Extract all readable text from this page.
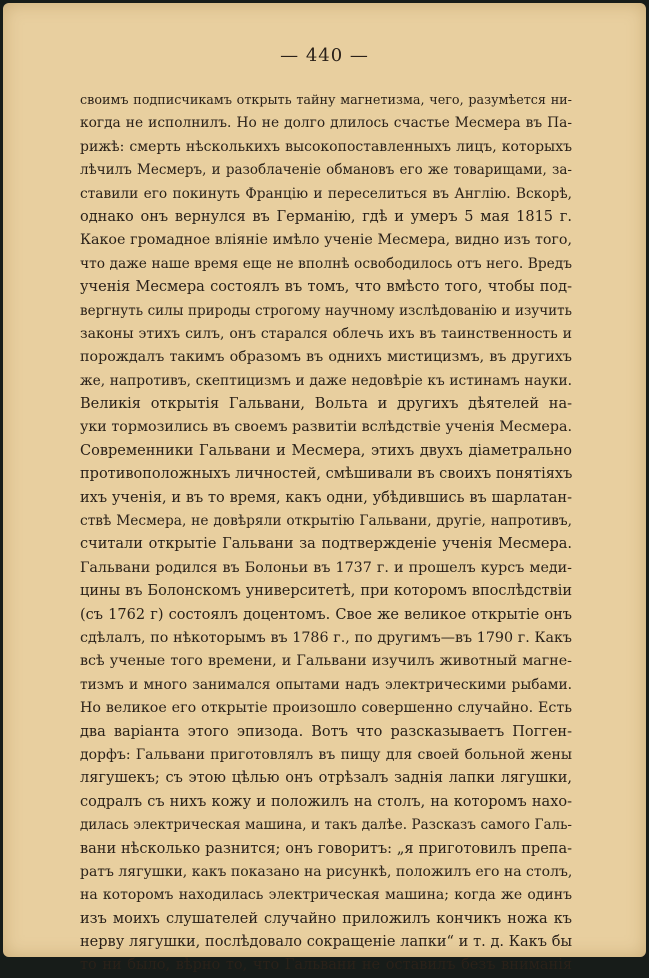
— 440 —
своимъ подписчикамъ открыть тайну магнетизма, чего, разумѣется ни-
когда не исполнилъ. Но не долго длилось счастье Месмера въ Па-
рижѣ: смерть нѣсколькихъ высокопоставленныхъ лицъ, которыхъ
лѣчилъ Месмеръ, и разоблаченіе обмановъ его же товарищами, за-
ставили его покинуть Францію и переселиться въ Англію. Вскорѣ,
однако онъ вернулся въ Германію, гдѣ и умеръ 5 мая 1815 г.
Какое громадное вліяніе имѣло ученіе Месмера, видно изъ того,
что даже наше время еще не вполнѣ освободилось отъ него. Вредъ
ученія Месмера состоялъ въ томъ, что вмѣсто того, чтобы под-
вергнуть силы природы строгому научному изслѣдованію и изучить
законы этихъ силъ, онъ старался облечь ихъ въ таинственность и
порождалъ такимъ образомъ въ однихъ мистицизмъ, въ другихъ
же, напротивъ, скептицизмъ и даже недовѣріе къ истинамъ науки.
Великія открытія Гальвани, Вольта и другихъ дѣятелей на-
уки тормозились въ своемъ развитіи вслѣдствіе ученія Месмера.
Современники Гальвани и Месмера, этихъ двухъ діаметрально
противоположныхъ личностей, смѣшивали въ своихъ понятіяхъ
ихъ ученія, и въ то время, какъ одни, убѣдившись въ шарлатан-
ствѣ Месмера, не довѣряли открытію Гальвани, другіе, напротивъ,
считали открытіе Гальвани за подтвержденіе ученія Месмера.
Гальвани родился въ Болоньи въ 1737 г. и прошелъ курсъ меди-
цины въ Болонскомъ университетѣ, при которомъ впослѣдствіи
(съ 1762 г) состоялъ доцентомъ. Свое же великое открытіе онъ
сдѣлалъ, по нѣкоторымъ въ 1786 г., по другимъ—въ 1790 г. Какъ
всѣ ученые того времени, и Гальвани изучилъ животный магне-
тизмъ и много занимался опытами надъ электрическими рыбами.
Но великое его открытіе произошло совершенно случайно. Есть
два варіанта этого эпизода. Вотъ что разсказываетъ Погген-
дорфъ: Гальвани приготовлялъ въ пищу для своей больной жены
лягушекъ; съ этою цѣлью онъ отрѣзалъ заднія лапки лягушки,
содралъ съ нихъ кожу и положилъ на столъ, на которомъ нахо-
дилась электрическая машина, и такъ далѣе. Разсказъ самого Галь-
вани нѣсколько разнится; онъ говоритъ: „я приготовилъ препа-
ратъ лягушки, какъ показано на рисункѣ, положилъ его на столъ,
на которомъ находилась электрическая машина; когда же одинъ
изъ моихъ слушателей случайно приложилъ кончикъ ножа къ
нерву лягушки, послѣдовало сокращеніе лапки“ и т. д. Какъ бы
то ни было, вѣрно то, что Гальвани не оставилъ безъ вниманія
